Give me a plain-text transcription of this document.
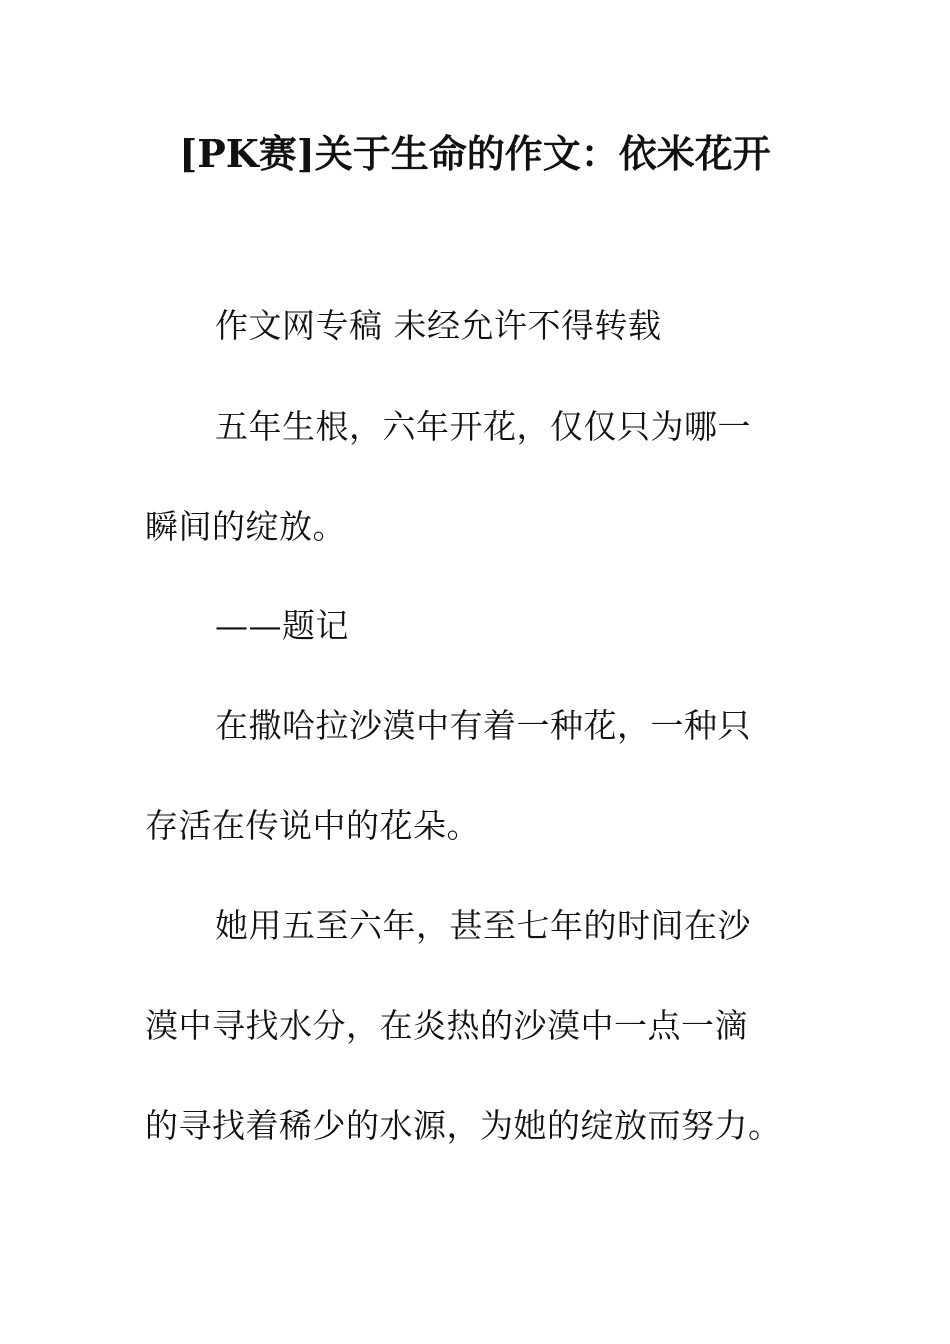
[PK赛]关于生命的作文：依米花开
作文网专稿 未经允许不得转载
五年生根，六年开花，仅仅只为哪一
瞬间的绽放。
——题记
在撒哈拉沙漠中有着一种花，一种只
存活在传说中的花朵。
她用五至六年，甚至七年的时间在沙
漠中寻找水分，在炎热的沙漠中一点一滴
的寻找着稀少的水源，为她的绽放而努力。
